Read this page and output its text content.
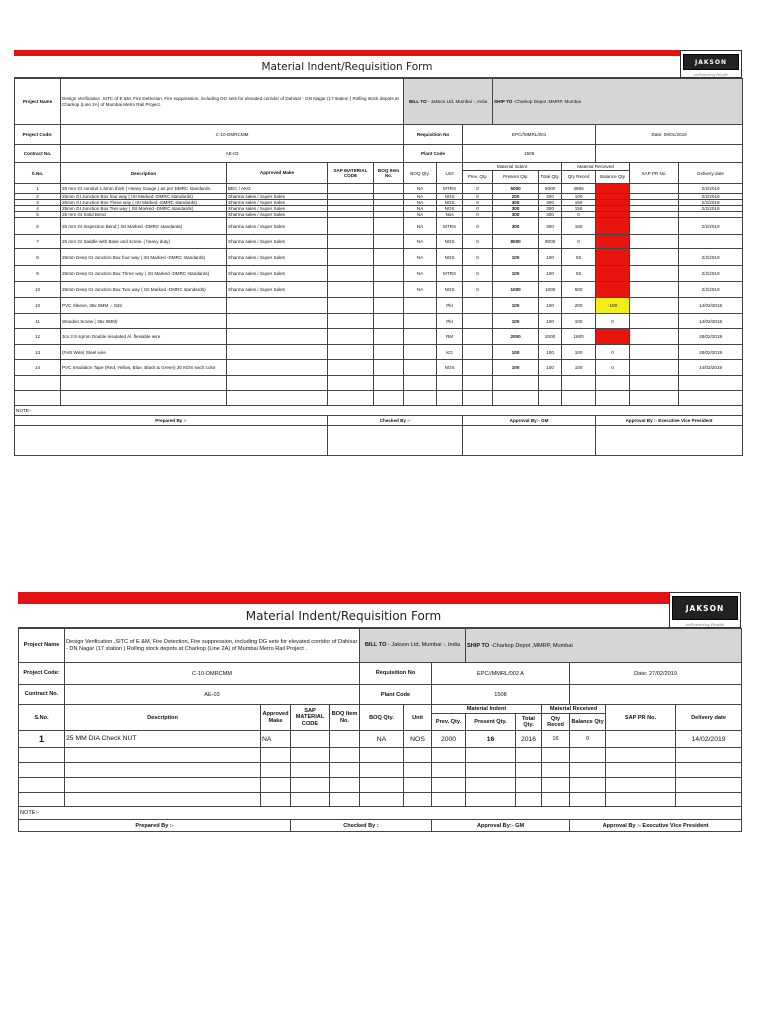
Material Indent/Requisition Form	JAKSON
enPowering People
Project Name	Design Verification ,SITC of E &M, Fire Detection, Fire suppression, including DG sets for elevated corridor of Dahisar - DN Nagar (17 station ) Rolling stock depots at Charkop (Line 2A) of Mumbai Metro Rail Project.				BILL TO - Jakson Ltd, Mumbai -, India			SHIP TO -Charkop Depot ,MMRP, Mumbai					
Project Code:	C-10-DMRCMM				Requisition No		EPC//MMRL/001				Date: 09/01/2019		
Contract No.	AE-03				Plant Code		1508						
S.No.	Description	Approved Make	SAP MATERIAL CODE	BOQ Item No.	BOQ Qty.	Unit	Material Indent			Material Received		SAP PR No.	Delivery date
							Prev. Qty.	Present Qty.	Total Qty.	Qty Reced	Balance Qty		
1	25 mm GI conduit 1.6mm thick ( Heavy Gauge ) as per DMRC standards.	BEC / AKG			NA	MTRS	0	5000	5000	4866	0		2/2/2019
2	25mm GI Junction Box four way ( ISI Marked -DMRC standards)	Sharma sales / Super Sales			NA	NOS	0	200	200	100	100		2/2/2019
3	25mm GI Junction Box Three way ( ISI Marked -DMRC standards)	Sharma sales / Super Sales			NA	NOS	0	300	300	150	150		2/2/2019
4	25mm GI Junction Box Two way ( ISI Marked -DMRC standards)	Sharma sales / Super Sales			NA	NOS	0	300	300	150	150		2/2/2019
5	25 mm GI Solid Bend	Sharma sales / Super Sales			NA	Nos	0	300	300	0	300		
6	25 mm GI Inspection Bend ( ISI Marked -DMRC standards)	Sharma sales / Super Sales			NA	MTRS	0	300	300	150	150		2/2/2019
7	25 mm GI Saddle with Base and screw. ( heavy duty)	Sharma sales / Super Sales			NA	NOS	0	8000	8000	0	8000		
8	25mm Deep GI Junction Box four way ( ISI Marked -DMRC standards)	Sharma sales / Super Sales			NA	NOS	0	100	100	50	50		2/2/2019
9	25mm Deep GI Junction Box Three way ( ISI Marked -DMRC standards)	Sharma sales / Super Sales			NA	MTRS	0	100	100	50	50		2/2/2019
10	25mm Deep GI Junction Box Two way ( ISI Marked -DMRC standards)	Sharma sales / Super Sales			NA	NOS	0	1000	1000	500	500		2/2/2019
10	PVC Sleeve, 35x 8MM ,- Gitti					Pkt		100	100	200	-100		14/02/2019
11	Wooden Screw ( 35x 8MM)					Pkt		100	100	100	0		14/02/2019
12	3cx 2.5 sqmm Double insulated Al. flexiable wire					RM		2000	2000	1800	200		28/02/2019
13	(Fish Wire) Steel wire					KG		100	100	100	0		28/02/2019
14	PVC Insulation Tape (Red, Yellow, Blue, Black & Green) 20 NOS each color					NOS		100	100	100	0		14/02/2019

NOTE:-													
Prepared By :-			Checked By :-				Approval By:- GM				Approval By :- Executive Vice President		

Material Indent/Requisition Form
JAKSON
enPowering People
Project Name	Design Verification ,SITC of E &M, Fire Detection, Fire suppression, including DG sets for elevated corridor of Dahisar - DN Nagar (17 station ) Rolling stock depots at Charkop (Line 2A) of Mumbai Metro Rail Project .				BILL TO - Jakson Ltd, Mumbai -, India			SHIP TO -Charkop Depot ,MMRP, Mumbai					
Project Code:	C-10-DMRCMM				Requisition No		EPC//MMRL/002 A				Date: 27/02/2019		
Contract No.	AE-03				Plant Code		1508						
S.No.	Description	Approved Make	SAP MATERIAL CODE	BOQ Item No.	BOQ Qty.	Unit	Material Indent			Material Received		SAP PR No.	Delivery date
							Prev. Qty.	Present Qty.	Total Qty.	Qty Reced	Balance Qty		
1	25 MM DIA Check NUT	NA			NA	NOS	2000	16	2016	16	0		14/02/2019

NOTE:-													
Prepared By :-			Checked By :				Approval By:- GM				Approval By :- Executive Vice President		
